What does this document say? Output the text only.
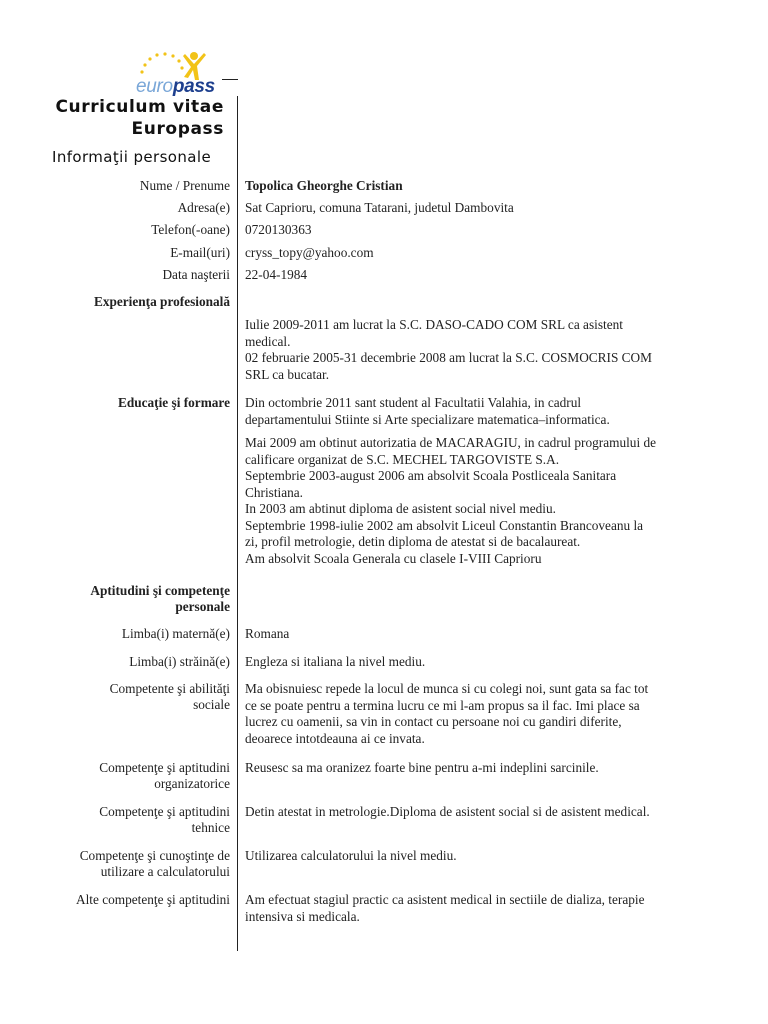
europass
Curriculum vitae
Europass
Informaţii personale
Nume / Prenume Topolica Gheorghe Cristian
Adresa(e) Sat Caprioru, comuna Tatarani, judetul Dambovita
Telefon(-oane) 0720130363
E-mail(uri) cryss_topy@yahoo.com
Data naşterii 22-04-1984
Experienţa profesională

Iulie 2009-2011 am lucrat la S.C. DASO-CADO COM SRL ca asistent

medical.

02 februarie 2005-31 decembrie 2008 am lucrat la S.C. COSMOCRIS COM

SRL ca bucatar.

Educaţie şi formare Din octombrie 2011 sant student al Facultatii Valahia, in cadrul

departamentului Stiinte si Arte specializare matematica–informatica.

Mai 2009 am obtinut autorizatia de MACARAGIU, in cadrul programului de

calificare organizat de S.C. MECHEL TARGOVISTE S.A.

Septembrie 2003-august 2006 am absolvit Scoala Postliceala Sanitara

Christiana.

In 2003 am abtinut diploma de asistent social nivel mediu.

Septembrie 1998-iulie 2002 am absolvit Liceul Constantin Brancoveanu la

zi, profil metrologie, detin diploma de atestat si de bacalaureat.

Am absolvit Scoala Generala cu clasele I-VIII Caprioru

Aptitudini şi competenţe
personale
Limba(i) maternă(e) Romana
Limba(i) străină(e) Engleza si italiana la nivel mediu.
Competente şi abilităţi
sociale

Ma obisnuiesc repede la locul de munca si cu colegi noi, sunt gata sa fac tot

ce se poate pentru a termina lucru ce mi l-am propus sa il fac. Imi place sa

lucrez cu oamenii, sa vin in contact cu persoane noi cu gandiri diferite,

deoarece intotdeauna ai ce invata.

Competenţe şi aptitudini
organizatorice
Reusesc sa ma oranizez foarte bine pentru a-mi indeplini sarcinile.
Competenţe şi aptitudini
tehnice
Detin atestat in metrologie.Diploma de asistent social si de asistent medical.
Competenţe şi cunoştinţe de
utilizare a calculatorului
Utilizarea calculatorului la nivel mediu.
Alte competenţe şi aptitudini Am efectuat stagiul practic ca asistent medical in sectiile de dializa, terapie

intensiva si medicala.
